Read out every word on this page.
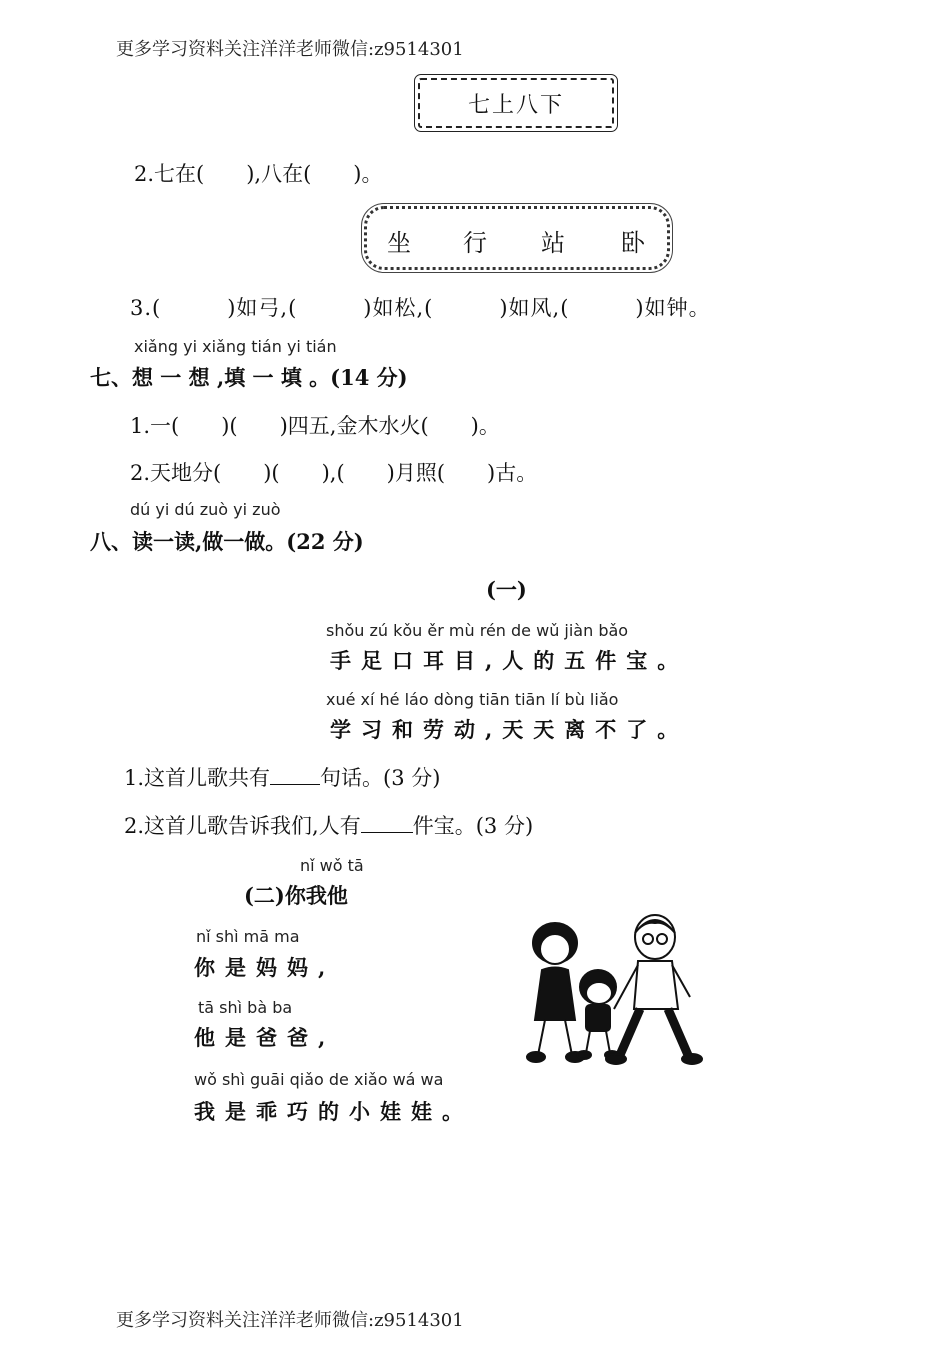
更多学习资料关注洋洋老师微信:z9514301
七上八下
2.七在(　　),八在(　　)。
坐 行 站 卧
3.(　　　)如弓,(　　　)如松,(　　　)如风,(　　　)如钟。
xiǎng yi xiǎng tián yi tián
七、想 一 想 ,填 一 填 。(14 分)
1.一(　　)(　　)四五,金木水火(　　)。
2.天地分(　　)(　　),(　　)月照(　　)古。
dú yi dú zuò yi zuò
八、读一读,做一做。(22 分)
(一)
shǒu zú kǒu ěr mù rén de wǔ jiàn bǎo
手足口耳目,人的五件宝。
xué xí hé láo dòng tiān tiān lí bù liǎo
学习和劳动,天天离不了。
1.这首儿歌共有 句话。(3 分)
2.这首儿歌告诉我们,人有 件宝。(3 分)
nǐ wǒ tā
(二)你我他
nǐ shì mā ma
你是妈妈,
tā shì bà ba
他是爸爸,
wǒ shì guāi qiǎo de xiǎo wá wa
我是乖巧的小娃娃。
更多学习资料关注洋洋老师微信:z9514301
